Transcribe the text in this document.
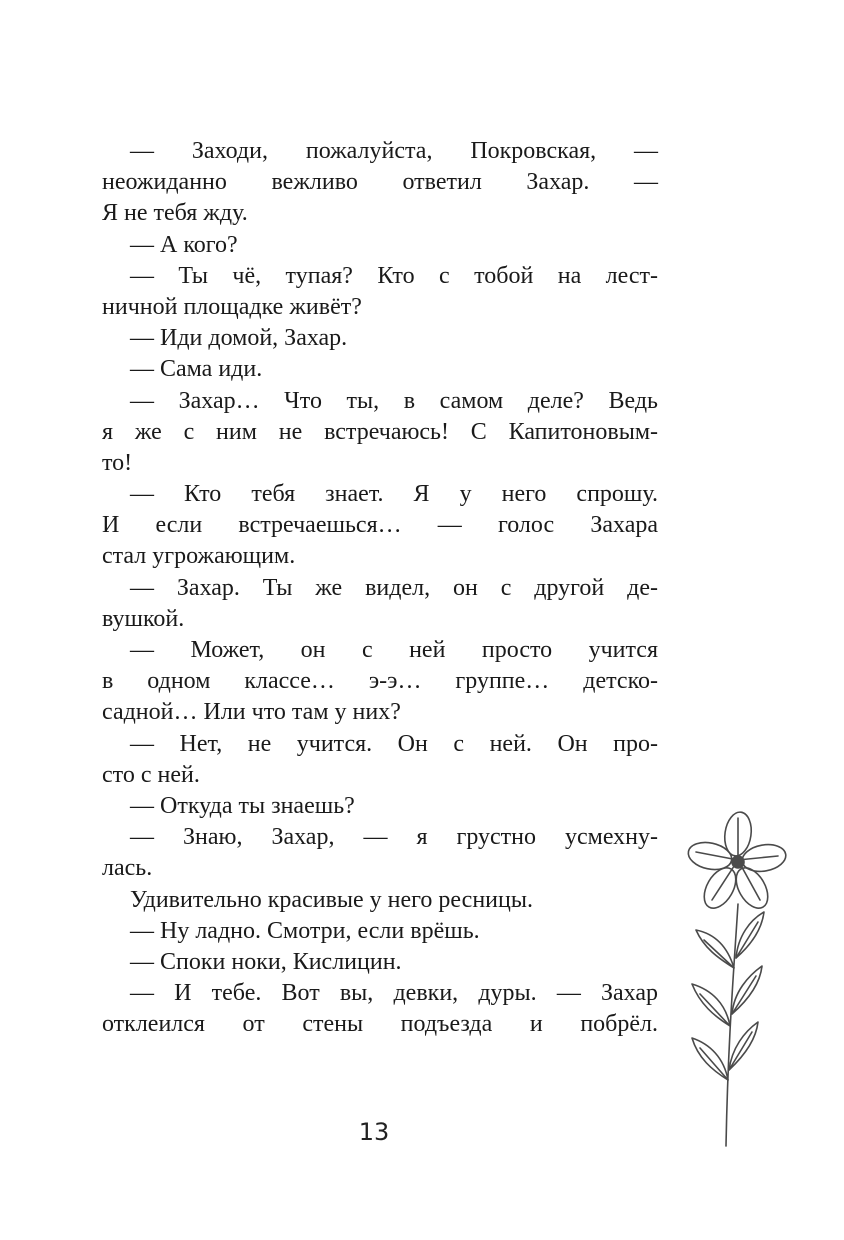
— Заходи, пожалуйста, Покровская, —
неожиданно вежливо ответил Захар. —
Я не тебя жду.
— А кого?
— Ты чё, тупая? Кто с тобой на лест-
ничной площадке живёт?
— Иди домой, Захар.
— Сама иди.
— Захар… Что ты, в самом деле? Ведь
я же с ним не встречаюсь! С Капитоновым-
то!
— Кто тебя знает. Я у него спрошу.
И если встречаешься… — голос Захара
стал угрожающим.
— Захар. Ты же видел, он с другой де-
вушкой.
— Может, он с ней просто учится
в одном классе… э-э… группе… детско-
садной… Или что там у них?
— Нет, не учится. Он с ней. Он про-
сто с ней.
— Откуда ты знаешь?
— Знаю, Захар, — я грустно усмехну-
лась.
Удивительно красивые у него ресницы.
— Ну ладно. Смотри, если врёшь.
— Споки ноки, Кислицин.
— И тебе. Вот вы, девки, дуры. — Захар
отклеился от стены подъезда и побрёл.
13
